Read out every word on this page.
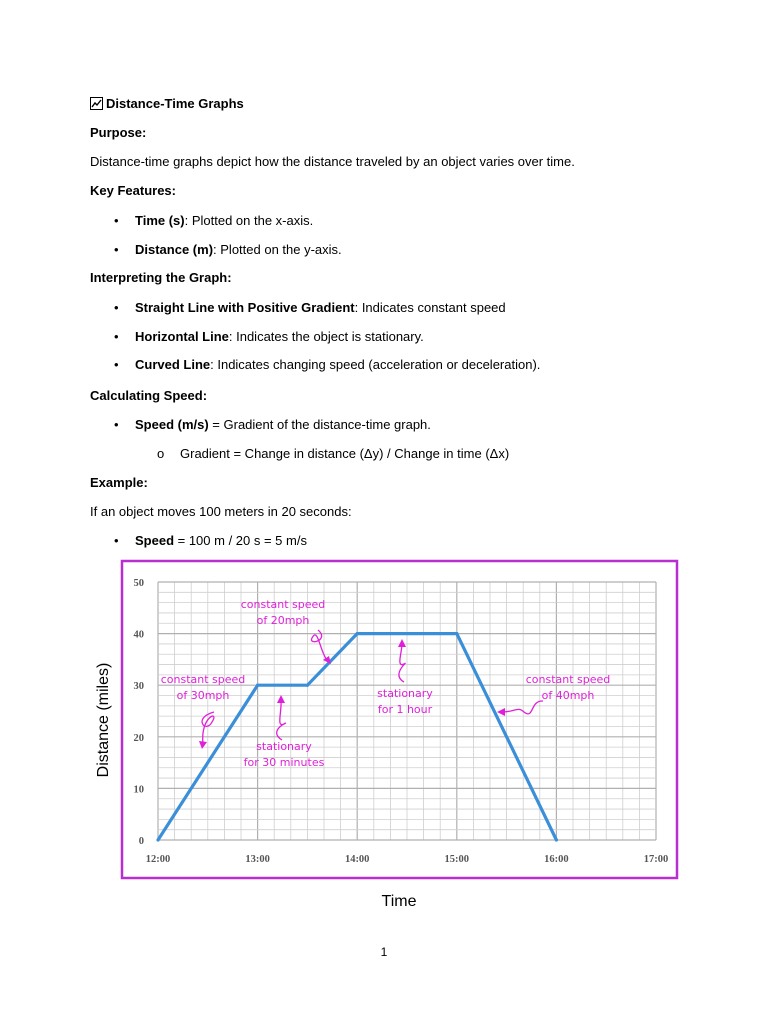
Distance-Time Graphs
Purpose:
Distance-time graphs depict how the distance traveled by an object varies over time.
Key Features:
• Time (s): Plotted on the x-axis.
• Distance (m): Plotted on the y-axis.
Interpreting the Graph:
• Straight Line with Positive Gradient: Indicates constant speed
• Horizontal Line: Indicates the object is stationary.
• Curved Line: Indicates changing speed (acceleration or deceleration).
Calculating Speed:
• Speed (m/s) = Gradient of the distance-time graph.
o Gradient = Change in distance (Δy) / Change in time (Δx)
Example:
If an object moves 100 meters in 20 seconds:
• Speed = 100 m / 20 s = 5 m/s
12:00	13:00	14:00	15:00	16:00	17:00
0
10
20
30
40
50
constant speed
of 30mph
constant speed
of 20mph
stationary
for 30 minutes
stationary
for 1 hour
constant speed
of 40mph
Distance (miles)
Time
1
